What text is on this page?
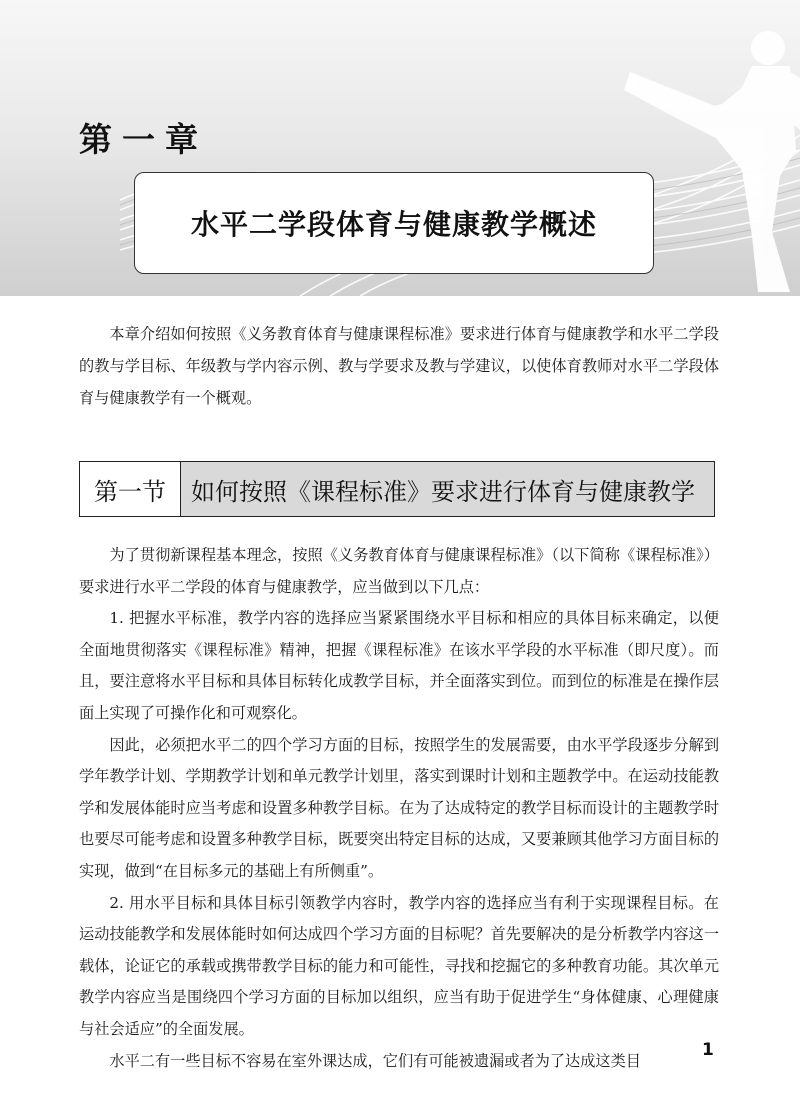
第一章
水平二学段体育与健康教学概述

本章介绍如何按照《义务教育体育与健康课程标准》要求进行体育与健康教学和水平二学段的教与学目标、年级教与学内容示例、教与学要求及教与学建议，以使体育教师对水平二学段体育与健康教学有一个概观。

第一节	如何按照《课程标准》要求进行体育与健康教学

为了贯彻新课程基本理念，按照《义务教育体育与健康课程标准》（以下简称《课程标准》）要求进行水平二学段的体育与健康教学，应当做到以下几点：

1. 把握水平标准，教学内容的选择应当紧紧围绕水平目标和相应的具体目标来确定，以便全面地贯彻落实《课程标准》精神，把握《课程标准》在该水平学段的水平标准（即尺度）。而且，要注意将水平目标和具体目标转化成教学目标，并全面落实到位。而到位的标准是在操作层面上实现了可操作化和可观察化。

因此，必须把水平二的四个学习方面的目标，按照学生的发展需要，由水平学段逐步分解到学年教学计划、学期教学计划和单元教学计划里，落实到课时计划和主题教学中。在运动技能教学和发展体能时应当考虑和设置多种教学目标。在为了达成特定的教学目标而设计的主题教学时也要尽可能考虑和设置多种教学目标，既要突出特定目标的达成，又要兼顾其他学习方面目标的实现，做到“在目标多元的基础上有所侧重”。

2. 用水平目标和具体目标引领教学内容时，教学内容的选择应当有利于实现课程目标。在运动技能教学和发展体能时如何达成四个学习方面的目标呢？首先要解决的是分析教学内容这一载体，论证它的承载或携带教学目标的能力和可能性，寻找和挖掘它的多种教育功能。其次单元教学内容应当是围绕四个学习方面的目标加以组织，应当有助于促进学生“身体健康、心理健康与社会适应”的全面发展。

水平二有一些目标不容易在室外课达成，它们有可能被遗漏或者为了达成这类目

1
